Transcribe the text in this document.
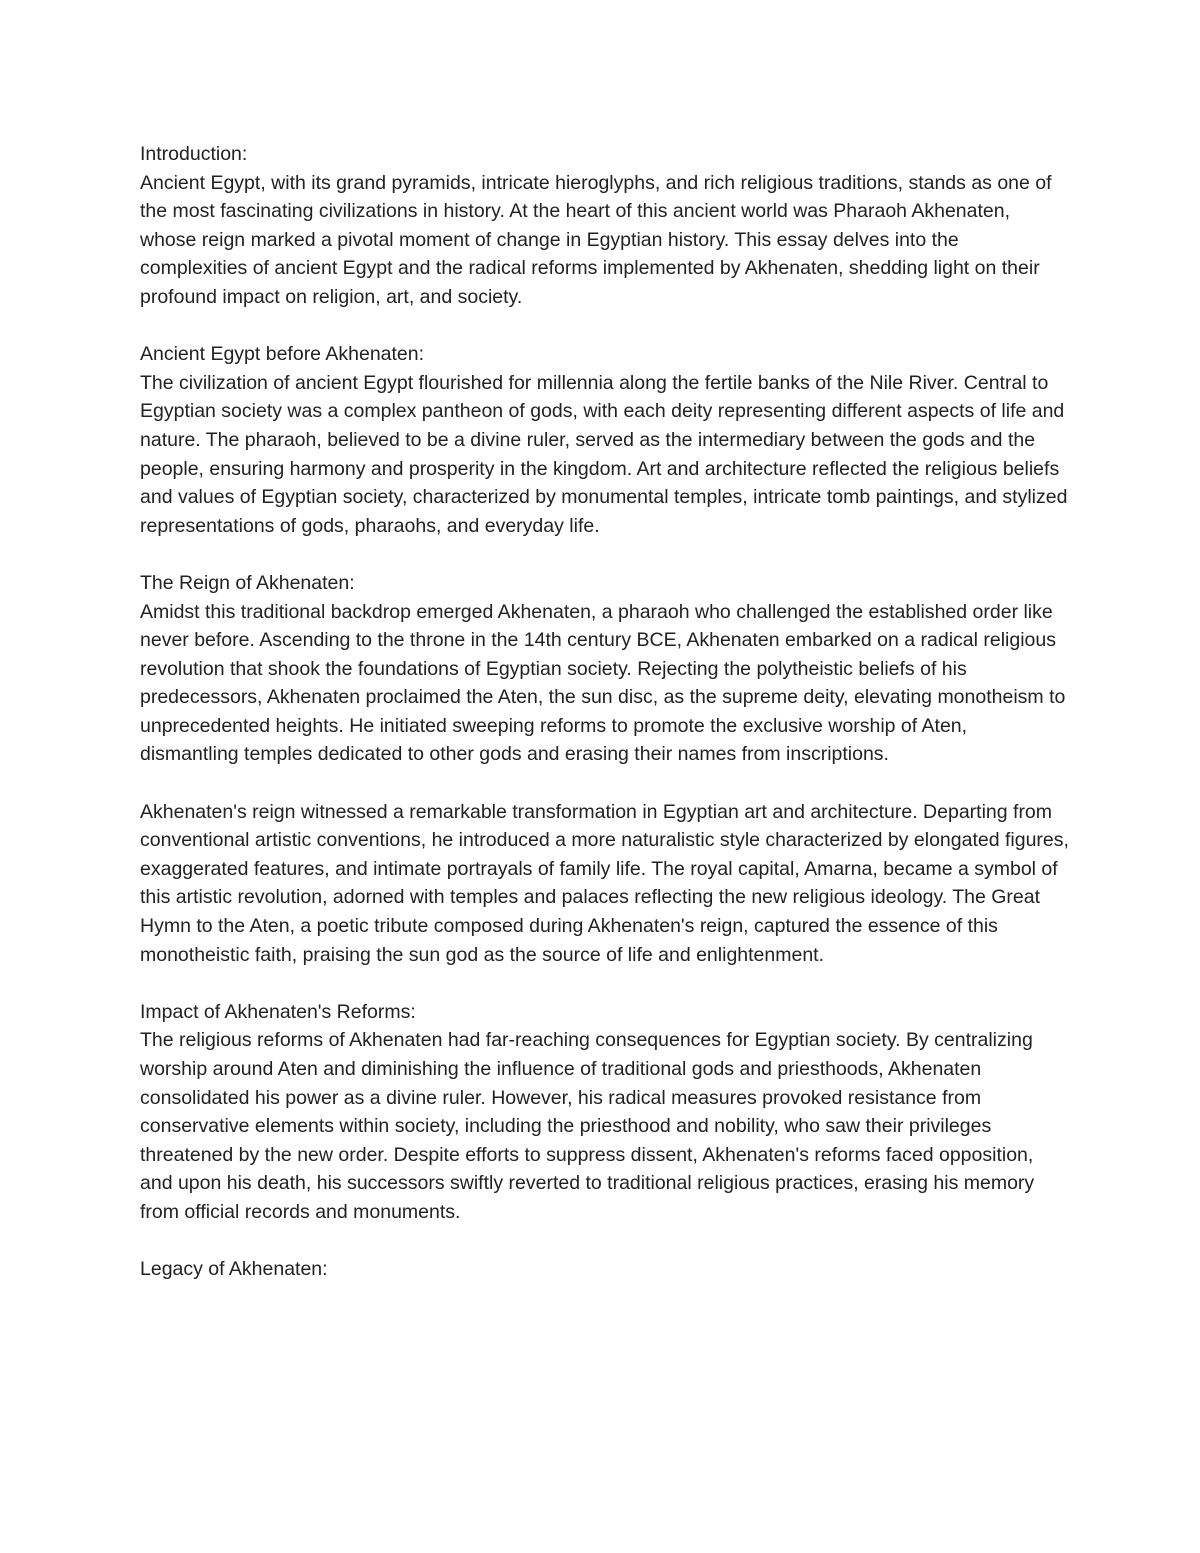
Introduction:

Ancient Egypt, with its grand pyramids, intricate hieroglyphs, and rich religious traditions, stands as one of the most fascinating civilizations in history. At the heart of this ancient world was Pharaoh Akhenaten, whose reign marked a pivotal moment of change in Egyptian history. This essay delves into the complexities of ancient Egypt and the radical reforms implemented by Akhenaten, shedding light on their profound impact on religion, art, and society.

Ancient Egypt before Akhenaten:

The civilization of ancient Egypt flourished for millennia along the fertile banks of the Nile River. Central to Egyptian society was a complex pantheon of gods, with each deity representing different aspects of life and nature. The pharaoh, believed to be a divine ruler, served as the intermediary between the gods and the people, ensuring harmony and prosperity in the kingdom. Art and architecture reflected the religious beliefs and values of Egyptian society, characterized by monumental temples, intricate tomb paintings, and stylized representations of gods, pharaohs, and everyday life.

The Reign of Akhenaten:

Amidst this traditional backdrop emerged Akhenaten, a pharaoh who challenged the established order like never before. Ascending to the throne in the 14th century BCE, Akhenaten embarked on a radical religious revolution that shook the foundations of Egyptian society. Rejecting the polytheistic beliefs of his predecessors, Akhenaten proclaimed the Aten, the sun disc, as the supreme deity, elevating monotheism to unprecedented heights. He initiated sweeping reforms to promote the exclusive worship of Aten, dismantling temples dedicated to other gods and erasing their names from inscriptions.

Akhenaten's reign witnessed a remarkable transformation in Egyptian art and architecture. Departing from conventional artistic conventions, he introduced a more naturalistic style characterized by elongated figures, exaggerated features, and intimate portrayals of family life. The royal capital, Amarna, became a symbol of this artistic revolution, adorned with temples and palaces reflecting the new religious ideology. The Great Hymn to the Aten, a poetic tribute composed during Akhenaten's reign, captured the essence of this monotheistic faith, praising the sun god as the source of life and enlightenment.

Impact of Akhenaten's Reforms:

The religious reforms of Akhenaten had far-reaching consequences for Egyptian society. By centralizing worship around Aten and diminishing the influence of traditional gods and priesthoods, Akhenaten consolidated his power as a divine ruler. However, his radical measures provoked resistance from conservative elements within society, including the priesthood and nobility, who saw their privileges threatened by the new order. Despite efforts to suppress dissent, Akhenaten's reforms faced opposition, and upon his death, his successors swiftly reverted to traditional religious practices, erasing his memory from official records and monuments.

Legacy of Akhenaten:
